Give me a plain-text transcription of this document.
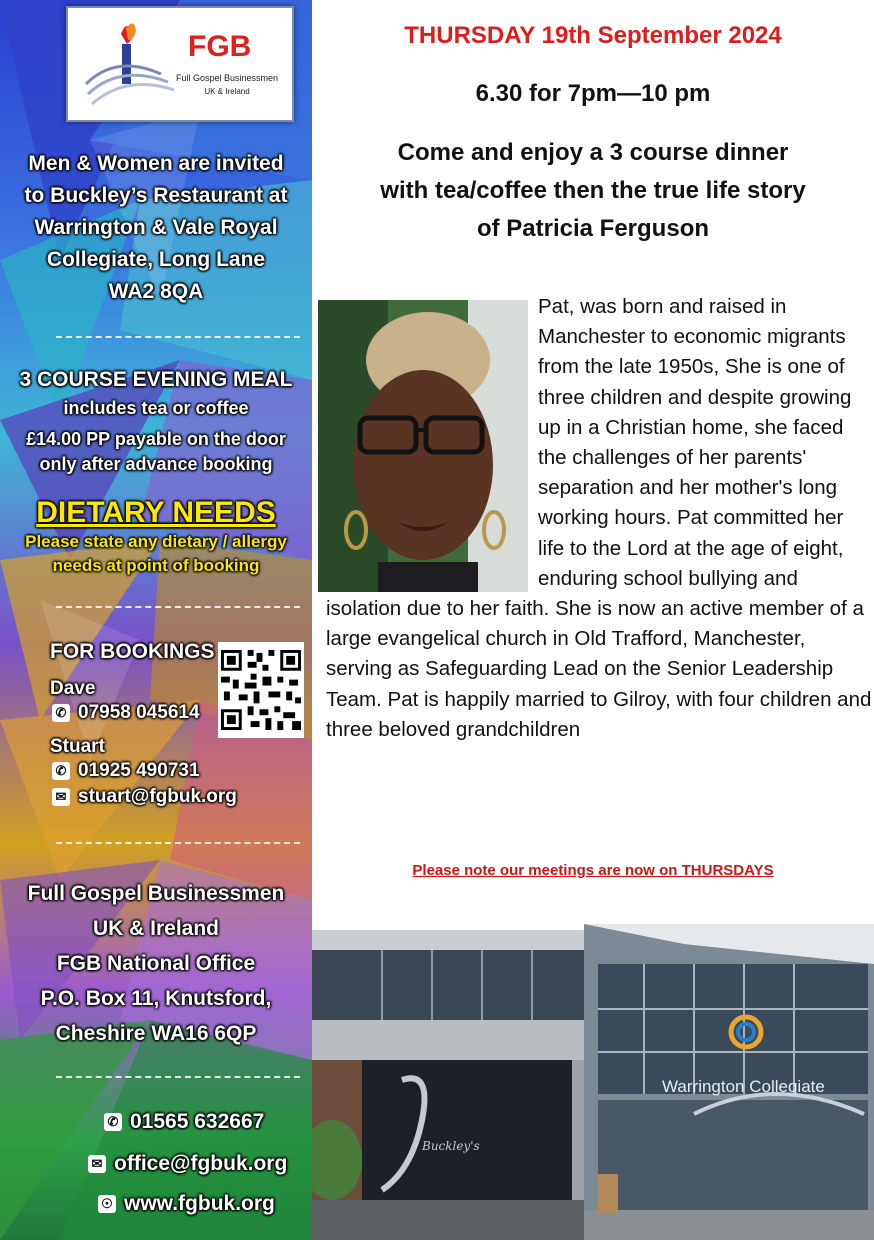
FGB
Full Gospel Businessmen
UK & Ireland
Men & Women are invited
to Buckley’s Restaurant at
Warrington & Vale Royal
Collegiate, Long Lane
WA2 8QA
3 COURSE EVENING MEAL
includes tea or coffee
£14.00 PP payable on the door
only after advance booking
DIETARY NEEDS
Please state any dietary / allergy
needs at point of booking
FOR BOOKINGS
Dave
✆ 07958 045614
Stuart
✆ 01925 490731
✉ stuart@fgbuk.org
Full Gospel Businessmen
UK & Ireland
FGB National Office
P.O. Box 11, Knutsford,
Cheshire WA16 6QP
✆ 01565 632667
✉ office@fgbuk.org
☉ www.fgbuk.org
THURSDAY 19th September 2024
6.30 for 7pm—10 pm
Come and enjoy a 3 course dinner
with tea/coffee then the true life story
of Patricia Ferguson
Pat, was born and raised in Manchester to economic migrants from the late 1950s, She is one of three children and despite growing up in a Christian home, she faced the challenges of her parents' separation and her mother's long working hours. Pat committed her life to the Lord at the age of eight, enduring school bullying and isolation due to her faith. She is now an active member of a large evangelical church in Old Trafford, Manchester, serving as Safeguarding Lead on the Senior Leadership Team. Pat is happily married to Gilroy, with four children and three beloved grandchildren
Please note our meetings are now on THURSDAYS
Buckley's
Warrington Collegiate
